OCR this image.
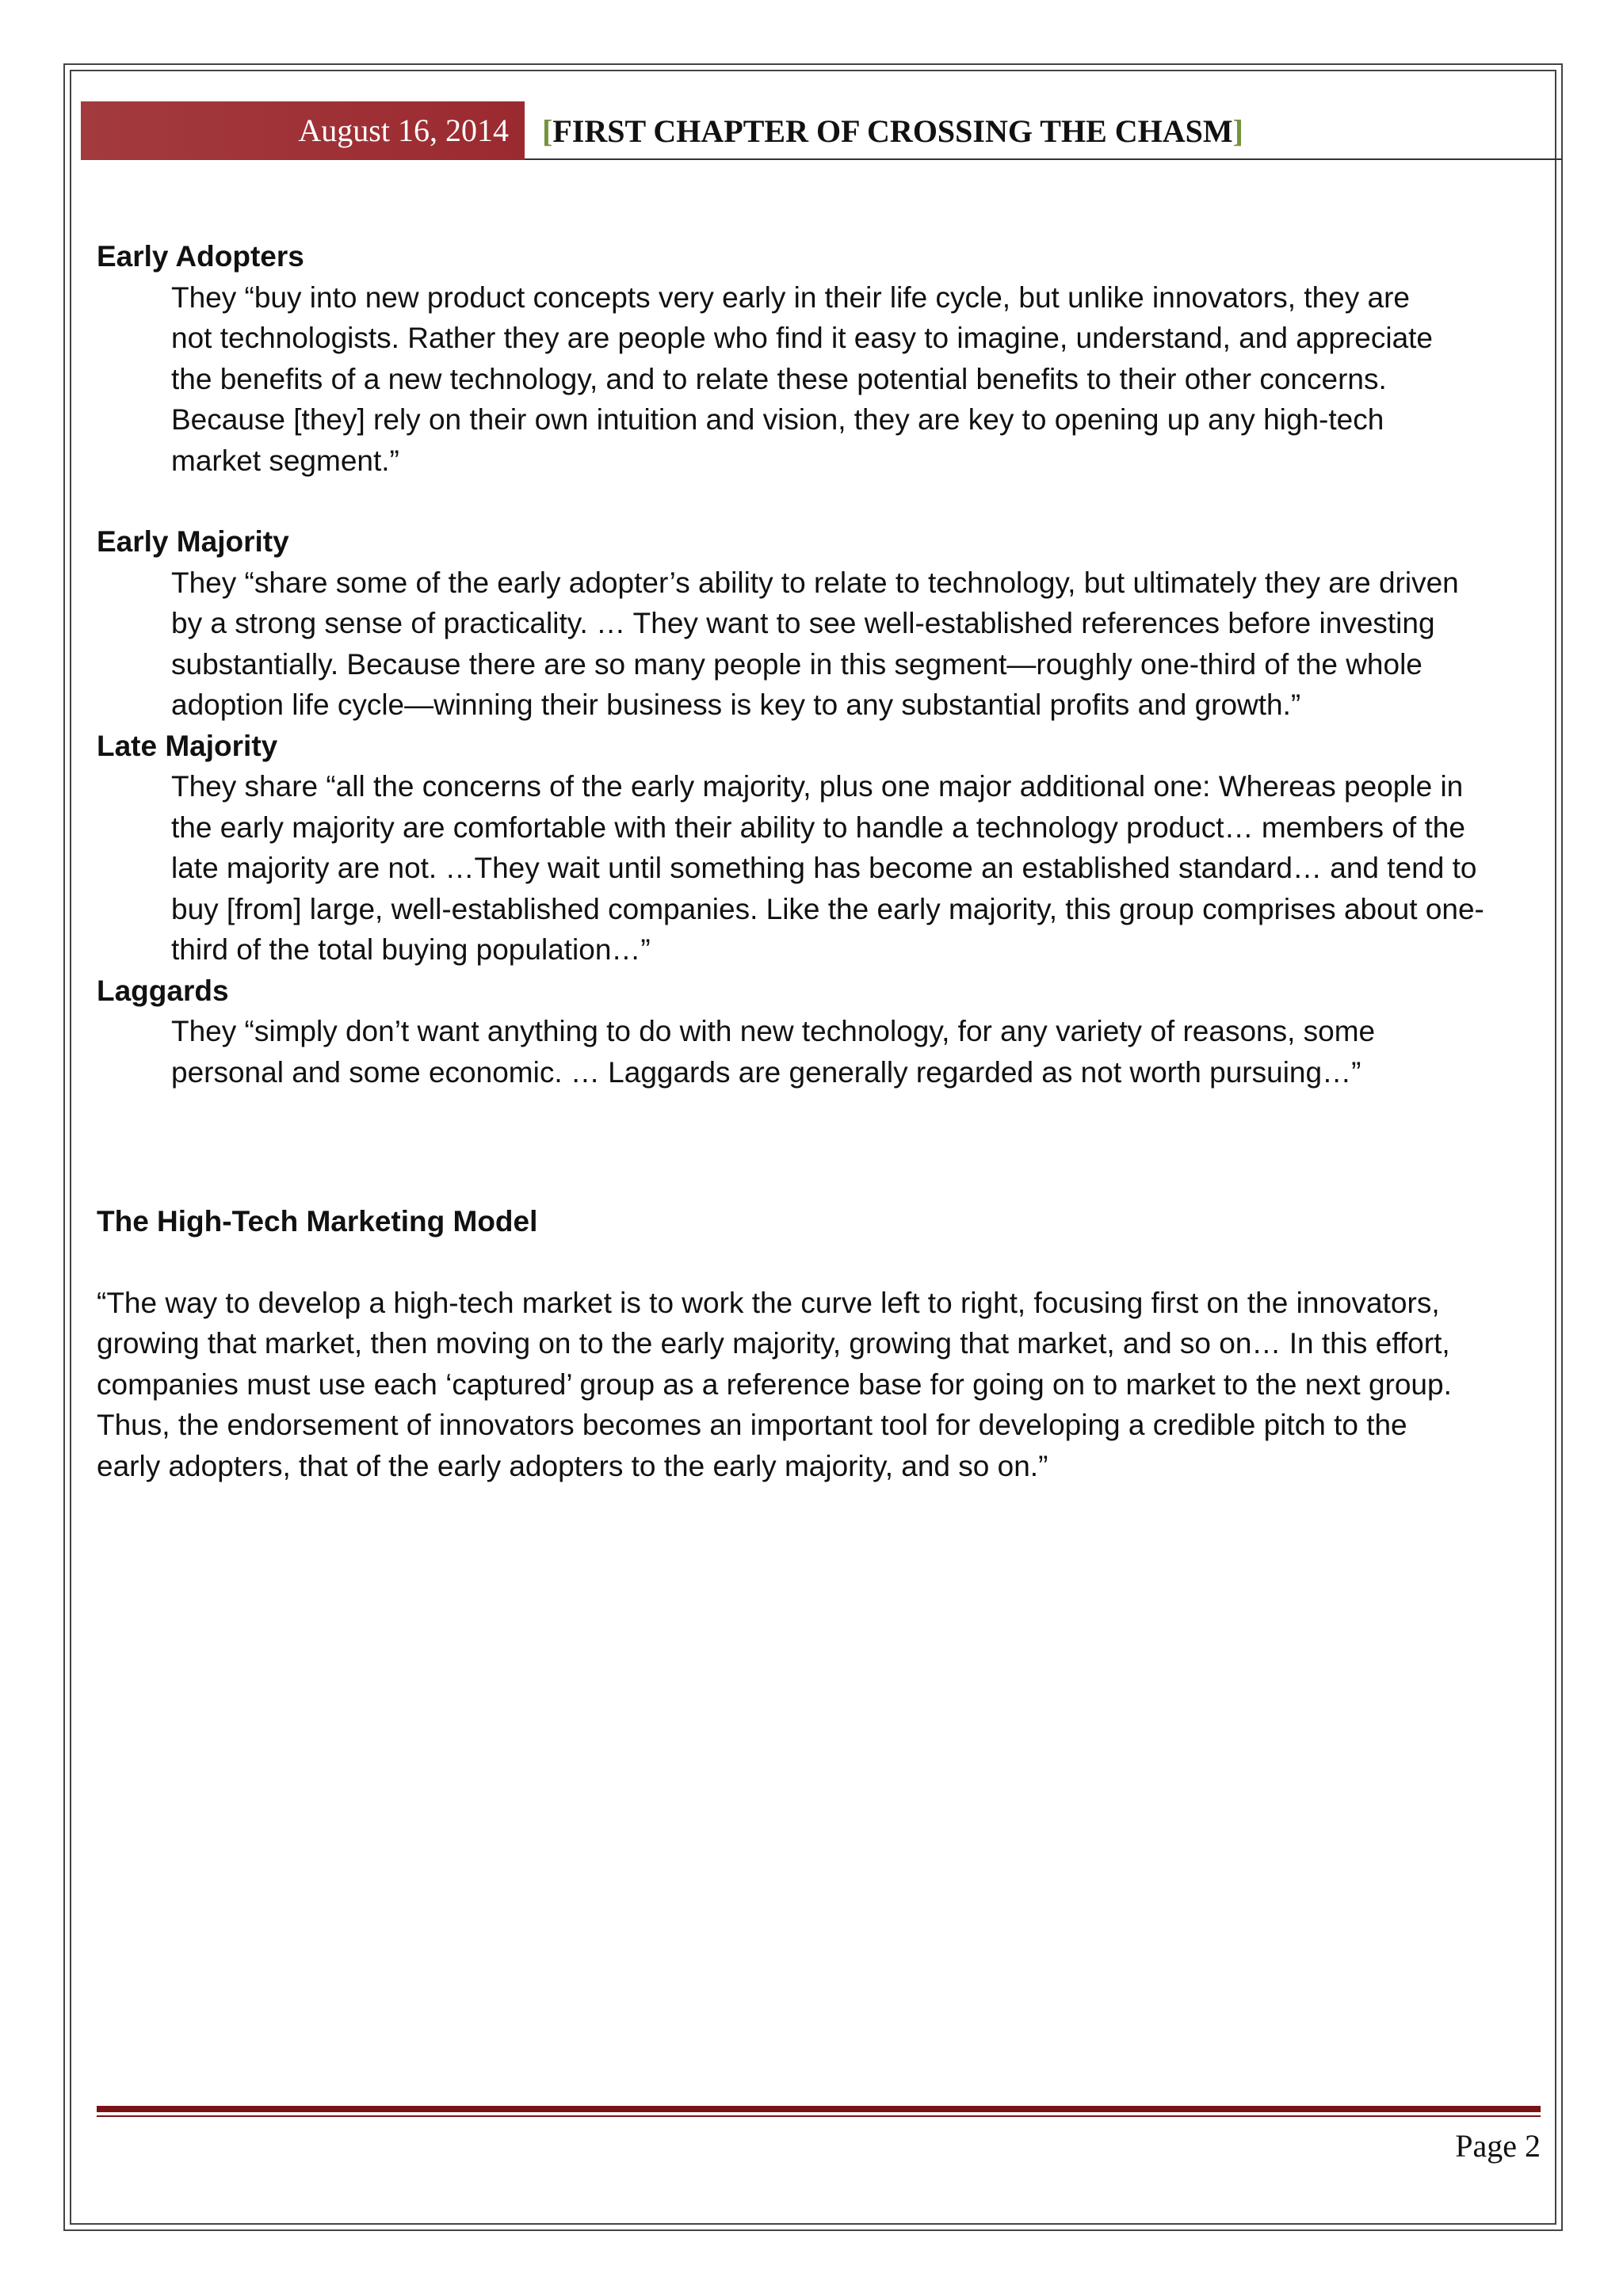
August 16, 2014	[FIRST CHAPTER OF CROSSING THE CHASM]

Early Adopters

They “buy into new product concepts very early in their life cycle, but unlike innovators, they are

not technologists. Rather they are people who find it easy to imagine, understand, and appreciate

the benefits of a new technology, and to relate these potential benefits to their other concerns.

Because [they] rely on their own intuition and vision, they are key to opening up any high-tech

market segment.”

Early Majority

They “share some of the early adopter’s ability to relate to technology, but ultimately they are driven

by a strong sense of practicality. … They want to see well-established references before investing

substantially. Because there are so many people in this segment—roughly one-third of the whole

adoption life cycle—winning their business is key to any substantial profits and growth.”

Late Majority

They share “all the concerns of the early majority, plus one major additional one: Whereas people in

the early majority are comfortable with their ability to handle a technology product… members of the

late majority are not. …They wait until something has become an established standard… and tend to

buy [from] large, well-established companies. Like the early majority, this group comprises about one-

third of the total buying population…”

Laggards

They “simply don’t want anything to do with new technology, for any variety of reasons, some

personal and some economic. … Laggards are generally regarded as not worth pursuing…”

The High-Tech Marketing Model

“The way to develop a high-tech market is to work the curve left to right, focusing first on the innovators,

growing that market, then moving on to the early majority, growing that market, and so on… In this effort,

companies must use each ‘captured’ group as a reference base for going on to market to the next group.

Thus, the endorsement of innovators becomes an important tool for developing a credible pitch to the

early adopters, that of the early adopters to the early majority, and so on.”

Page 2
